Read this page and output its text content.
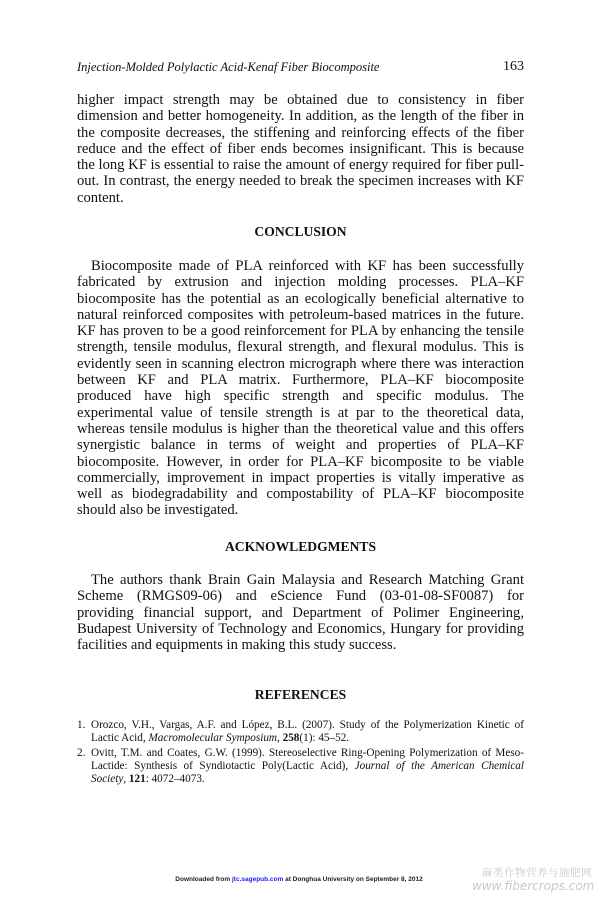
Injection-Molded Polylactic Acid-Kenaf Fiber Biocomposite	163

higher impact strength may be obtained due to consistency in fiber dimension and better homogeneity. In addition, as the length of the fiber in the composite decreases, the stiffening and reinforcing effects of the fiber reduce and the effect of fiber ends becomes insignificant. This is because the long KF is essential to raise the amount of energy required for fiber pull-out. In contrast, the energy needed to break the specimen increases with KF content.

CONCLUSION

Biocomposite made of PLA reinforced with KF has been successfully fabricated by extrusion and injection molding processes. PLA–KF biocomposite has the potential as an ecologically beneficial alternative to natural reinforced composites with petroleum-based matrices in the future. KF has proven to be a good reinforcement for PLA by enhancing the tensile strength, tensile modulus, flexural strength, and flexural modulus. This is evidently seen in scanning electron micrograph where there was interaction between KF and PLA matrix. Furthermore, PLA–KF biocomposite produced have high specific strength and specific modulus. The experimental value of tensile strength is at par to the theoretical data, whereas tensile modulus is higher than the theoretical value and this offers synergistic balance in terms of weight and properties of PLA–KF biocomposite. However, in order for PLA–KF bicomposite to be viable commercially, improvement in impact properties is vitally imperative as well as biodegradability and compostability of PLA–KF biocomposite should also be investigated.

ACKNOWLEDGMENTS

The authors thank Brain Gain Malaysia and Research Matching Grant Scheme (RMGS09-06) and eScience Fund (03-01-08-SF0087) for providing financial support, and Department of Polimer Engineering, Budapest University of Technology and Economics, Hungary for providing facilities and equipments in making this study success.

REFERENCES
1. Orozco, V.H., Vargas, A.F. and López, B.L. (2007). Study of the Polymerization Kinetic of Lactic Acid, Macromolecular Symposium, 258(1): 45–52.
2. Ovitt, T.M. and Coates, G.W. (1999). Stereoselective Ring-Opening Polymerization of Meso-Lactide: Synthesis of Syndiotactic Poly(Lactic Acid), Journal of the American Chemical Society, 121: 4072–4073.
Downloaded from jtc.sagepub.com at Donghua University on September 8, 2012
麻类作物营养与施肥网
www.fibercrops.com
